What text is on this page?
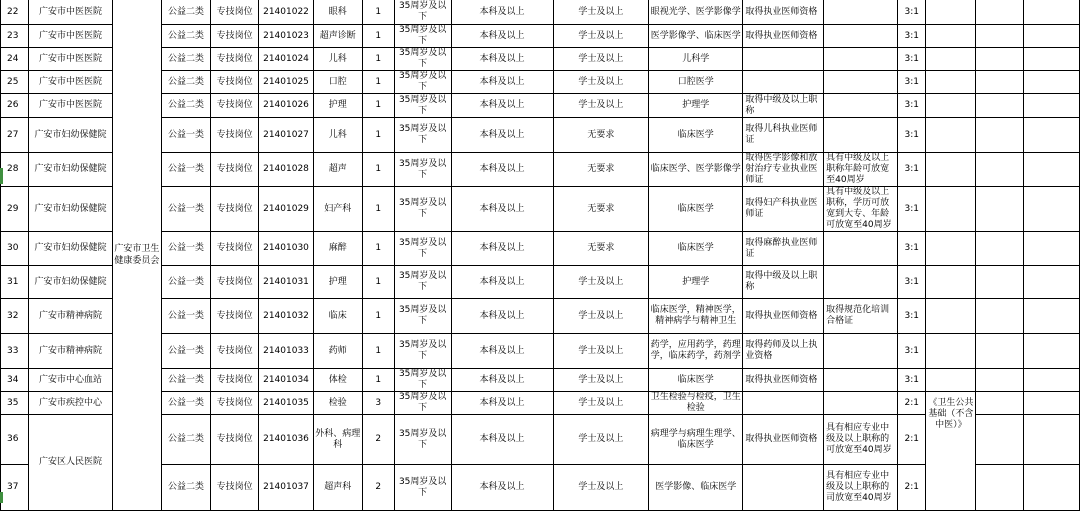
22	广安市中医医院	广安市卫生健康委员会	公益二类	专技岗位	21401022	眼科	1	35周岁及以下	本科及以上	学士及以上	眼视光学、医学影像学	取得执业医师资格		3:1			
23	广安市中医医院		公益二类	专技岗位	21401023	超声诊断	1	35周岁及以下	本科及以上	学士及以上	医学影像学、临床医学	取得执业医师资格		3:1			
24	广安市中医医院		公益二类	专技岗位	21401024	儿科	1	35周岁及以下	本科及以上	学士及以上	儿科学			3:1			
25	广安市中医医院		公益二类	专技岗位	21401025	口腔	1	35周岁及以下	本科及以上	学士及以上	口腔医学			3:1			
26	广安市中医医院		公益二类	专技岗位	21401026	护理	1	35周岁及以下	本科及以上	学士及以上	护理学	取得中级及以上职称		3:1			
27	广安市妇幼保健院		公益一类	专技岗位	21401027	儿科	1	35周岁及以下	本科及以上	无要求	临床医学	取得儿科执业医师证		3:1			
28	广安市妇幼保健院		公益一类	专技岗位	21401028	超声	1	35周岁及以下	本科及以上	无要求	临床医学、医学影像学	取得医学影像和放射治疗专业执业医师证	具有中级及以上职称年龄可放宽至40周岁	3:1			
29	广安市妇幼保健院		公益一类	专技岗位	21401029	妇产科	1	35周岁及以下	本科及以上	无要求	临床医学	取得妇产科执业医师证	具有中级及以上职称，学历可放宽到大专、年龄可放宽至40周岁	3:1			
30	广安市妇幼保健院		公益一类	专技岗位	21401030	麻醉	1	35周岁及以下	本科及以上	无要求	临床医学	取得麻醉执业医师证		3:1			
31	广安市妇幼保健院		公益一类	专技岗位	21401031	护理	1	35周岁及以下	本科及以上	学士及以上	护理学	取得中级及以上职称		3:1			
32	广安市精神病院		公益一类	专技岗位	21401032	临床	1	35周岁及以下	本科及以上	学士及以上	临床医学，精神医学，精神病学与精神卫生	取得执业医师资格	取得规范化培训合格证	3:1			
33	广安市精神病院		公益一类	专技岗位	21401033	药师	1	35周岁及以下	本科及以上	学士及以上	药学，应用药学，药理学，临床药学，药剂学	取得药师及以上执业资格		3:1			
34	广安市中心血站		公益一类	专技岗位	21401034	体检	1	35周岁及以下	本科及以上	学士及以上	临床医学	取得执业医师资格		3:1			
35	广安市疾控中心		公益一类	专技岗位	21401035	检验	3	35周岁及以下	本科及以上	学士及以上	卫生检验与检疫，卫生检验			2:1	《卫生公共基础（不含中医）》		
36	广安区人民医院		公益二类	专技岗位	21401036	外科、病理科	2	35周岁及以下	本科及以上	学士及以上	病理学与病理生理学、临床医学	取得执业医师资格	具有相应专业中级及以上职称的可放宽至40周岁	2:1			
37			公益二类	专技岗位	21401037	超声科	2	35周岁及以下	本科及以上	学士及以上	医学影像、临床医学		具有相应专业中级及以上职称的司放宽至40周岁	2:1			
